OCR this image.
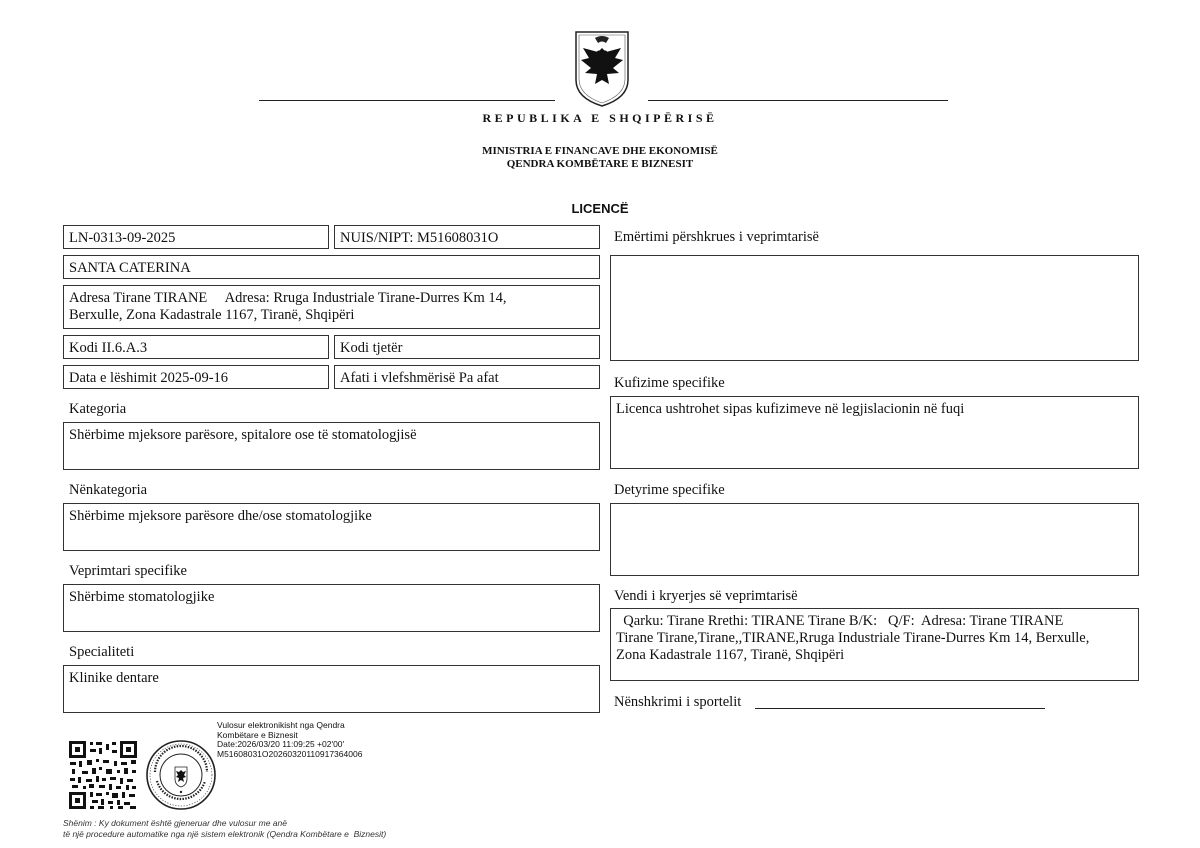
REPUBLIKA E SHQIPËRISË
MINISTRIA E FINANCAVE DHE EKONOMISË
QENDRA KOMBËTARE E BIZNESIT
LICENCË
LN-0313-09-2025	NUIS/NIPT: M51608031O
SANTA CATERINA
Adresa Tirane TIRANE     Adresa: Rruga Industriale Tirane-Durres Km 14,
Berxulle, Zona Kadastrale 1167, Tiranë, Shqipëri
Kodi II.6.A.3	Kodi tjetër
Data e lëshimit 2025-09-16	Afati i vlefshmërisë Pa afat
Kategoria
Shërbime mjeksore parësore, spitalore ose të stomatologjisë
Nënkategoria
Shërbime mjeksore parësore dhe/ose stomatologjike
Veprimtari specifike
Shërbime stomatologjike
Specialiteti
Klinike dentare
Emërtimi përshkrues i veprimtarisë
Kufizime specifike
Licenca ushtrohet sipas kufizimeve në legjislacionin në fuqi
Detyrime specifike
Vendi i kryerjes së veprimtarisë
Qarku: Tirane Rrethi: TIRANE Tirane B/K:   Q/F:  Adresa: Tirane TIRANE
Tirane Tirane,Tirane,,TIRANE,Rruga Industriale Tirane-Durres Km 14, Berxulle,
Zona Kadastrale 1167, Tiranë, Shqipëri
Nënshkrimi i sportelit
Vulosur elektronikisht nga Qendra
Kombëtare e Biznesit
Date:2026/03/20 11:09:25 +02'00'
M51608031O20260320110917364006
Shënim : Ky dokument është gjeneruar dhe vulosur me anë
të një procedure automatike nga një sistem elektronik (Qendra Kombëtare e  Biznesit)
